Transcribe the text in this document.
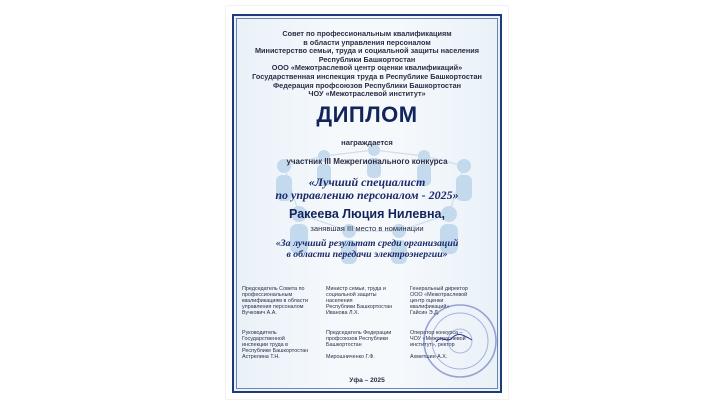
Совет по профессиональным квалификациям
в области управления персоналом
Министерство семьи, труда и социальной защиты населения
Республики Башкортостан
ООО «Межотраслевой центр оценки квалификаций»
Государственная инспекция труда в Республике Башкортостан
Федерация профсоюзов Республики Башкортостан
ЧОУ «Межотраслевой институт»
ДИПЛОМ
награждается
участник III Межрегионального конкурса
«Лучший специалист
по управлению персоналом - 2025»
Ракеева Люция Нилевна,
занявшая III место в номинации
«За лучший результат среди организаций
в области передачи электроэнергии»
Председатель Совета по
профессиональным
квалификациям в области
управления персоналом
Вучкович А.А.
Министр семьи, труда и
социальной защиты
населения
Республики Башкортостан
Иванова Л.Х.
Генеральный директор
ООО «Межотраслевой
центр оценки
квалификаций»
Гайсин Э.Д.
Руководитель
Государственной
инспекции труда в
Республике Башкортостан
Астрелина Т.Н.
Председатель Федерации
профсоюзов Республики
Башкортостан

Мирошниченко Г.Ф.
Оператор конкурса –
ЧОУ «Межотраслевой
институт», ректор

Ахметшин А.Х.
Уфа – 2025
